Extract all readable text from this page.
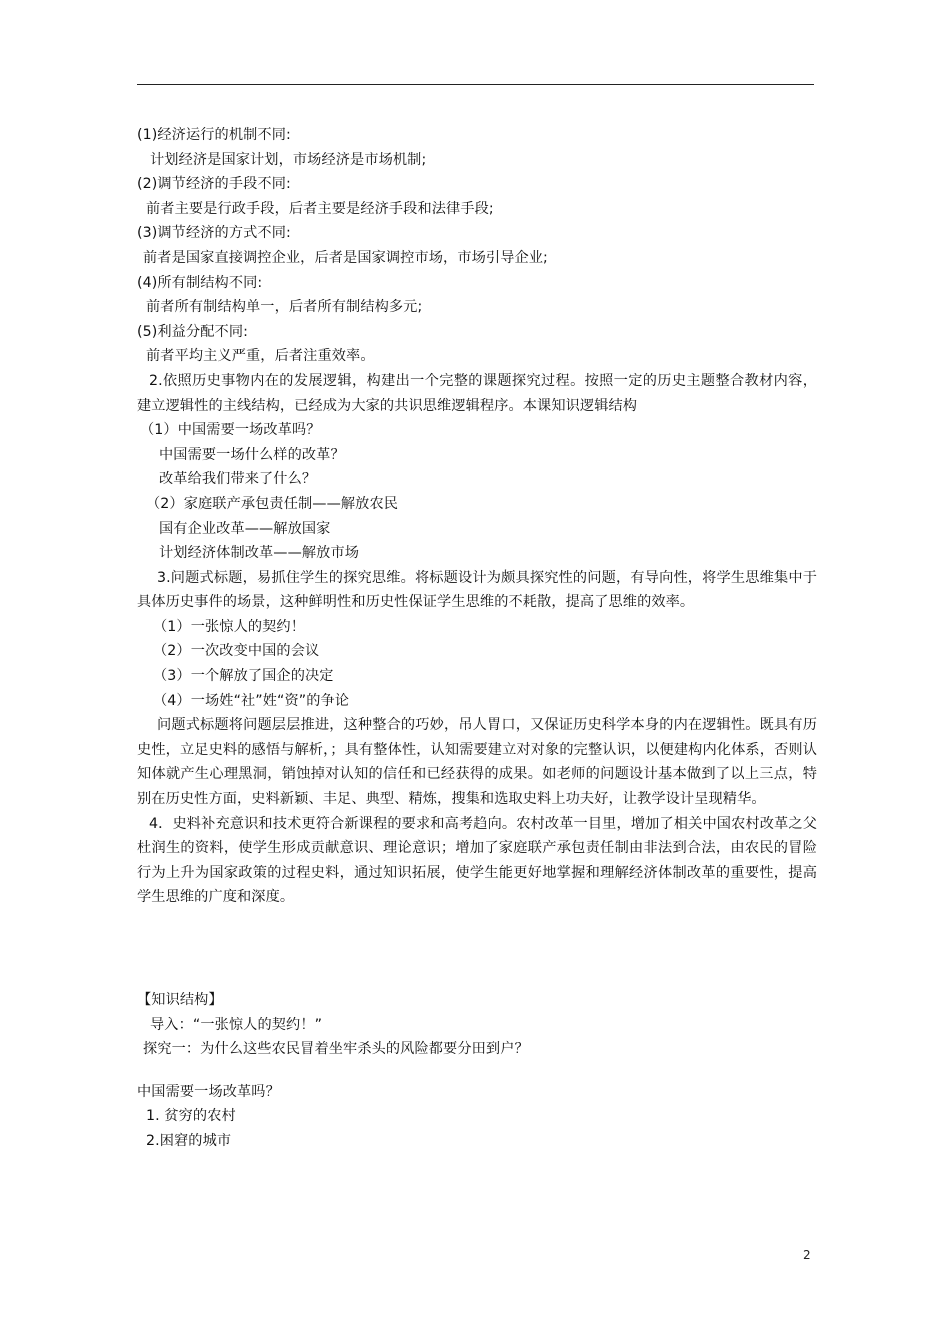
(1)经济运行的机制不同:
计划经济是国家计划，市场经济是市场机制;
(2)调节经济的手段不同:
前者主要是行政手段，后者主要是经济手段和法律手段;
(3)调节经济的方式不同:
前者是国家直接调控企业，后者是国家调控市场，市场引导企业;
(4)所有制结构不同:
前者所有制结构单一，后者所有制结构多元;
(5)利益分配不同:
前者平均主义严重，后者注重效率。
2.依照历史事物内在的发展逻辑，构建出一个完整的课题探究过程。按照一定的历史主题整合教材内容，建立逻辑性的主线结构，已经成为大家的共识思维逻辑程序。本课知识逻辑结构
（1）中国需要一场改革吗？
中国需要一场什么样的改革？
改革给我们带来了什么？
（2）家庭联产承包责任制——解放农民
国有企业改革——解放国家
计划经济体制改革——解放市场
3.问题式标题，易抓住学生的探究思维。将标题设计为颇具探究性的问题，有导向性，将学生思维集中于具体历史事件的场景，这种鲜明性和历史性保证学生思维的不耗散，提高了思维的效率。
（1）一张惊人的契约！
（2）一次改变中国的会议
（3）一个解放了国企的决定
（4）一场姓“社”姓“资”的争论
问题式标题将问题层层推进，这种整合的巧妙，吊人胃口，又保证历史科学本身的内在逻辑性。既具有历史性，立足史料的感悟与解析，；具有整体性，认知需要建立对对象的完整认识，以便建构内化体系，否则认知体就产生心理黑洞，销蚀掉对认知的信任和已经获得的成果。如老师的问题设计基本做到了以上三点，特别在历史性方面，史料新颖、丰足、典型、精炼，搜集和选取史料上功夫好，让教学设计呈现精华。
4．史料补充意识和技术更符合新课程的要求和高考趋向。农村改革一目里，增加了相关中国农村改革之父杜润生的资料，使学生形成贡献意识、理论意识；增加了家庭联产承包责任制由非法到合法，由农民的冒险行为上升为国家政策的过程史料，通过知识拓展，使学生能更好地掌握和理解经济体制改革的重要性，提高学生思维的广度和深度。
【知识结构】
导入：“一张惊人的契约！”
探究一：为什么这些农民冒着坐牢杀头的风险都要分田到户？
中国需要一场改革吗？
1. 贫穷的农村
2.困窘的城市
2
